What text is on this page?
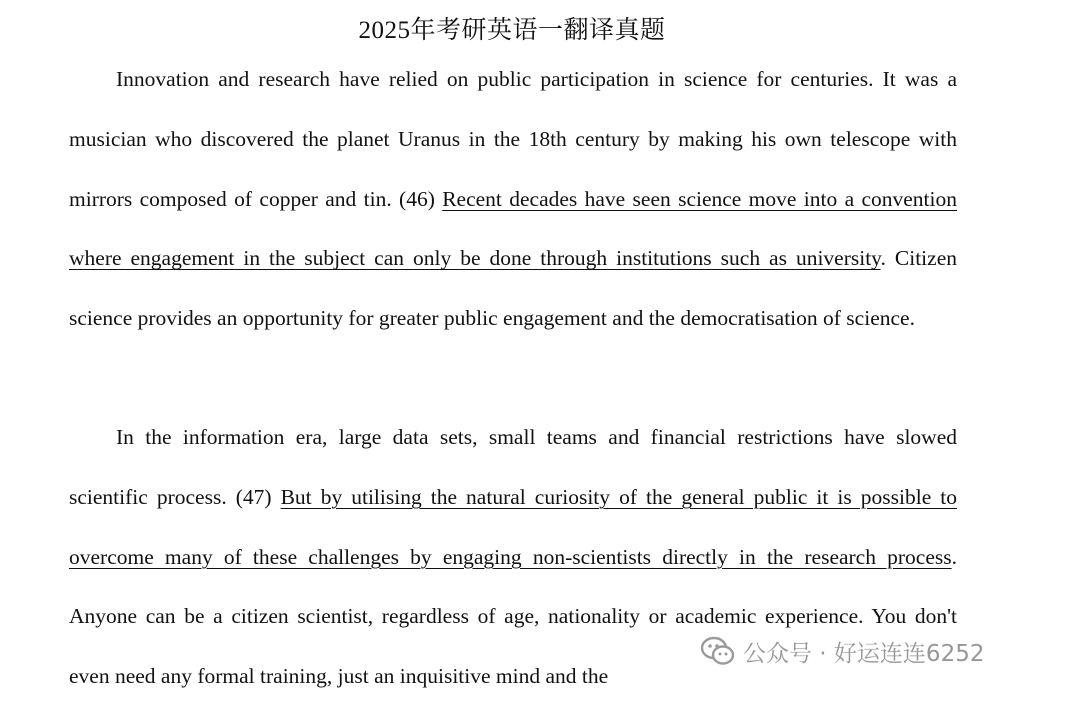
2025年考研英语一翻译真题

Innovation and research have relied on public participation in science for centuries. It was a musician who discovered the planet Uranus in the 18th century by making his own telescope with mirrors composed of copper and tin. (46) Recent decades have seen science move into a convention where engagement in the subject can only be done through institutions such as university. Citizen science provides an opportunity for greater public engagement and the democratisation of science.

In the information era, large data sets, small teams and financial restrictions have slowed scientific process. (47) But by utilising the natural curiosity of the general public it is possible to overcome many of these challenges by engaging non-scientists directly in the research process. Anyone can be a citizen scientist, regardless of age, nationality or academic experience. You don't even need any formal training, just an inquisitive mind and the

公众号 · 好运连连6252
